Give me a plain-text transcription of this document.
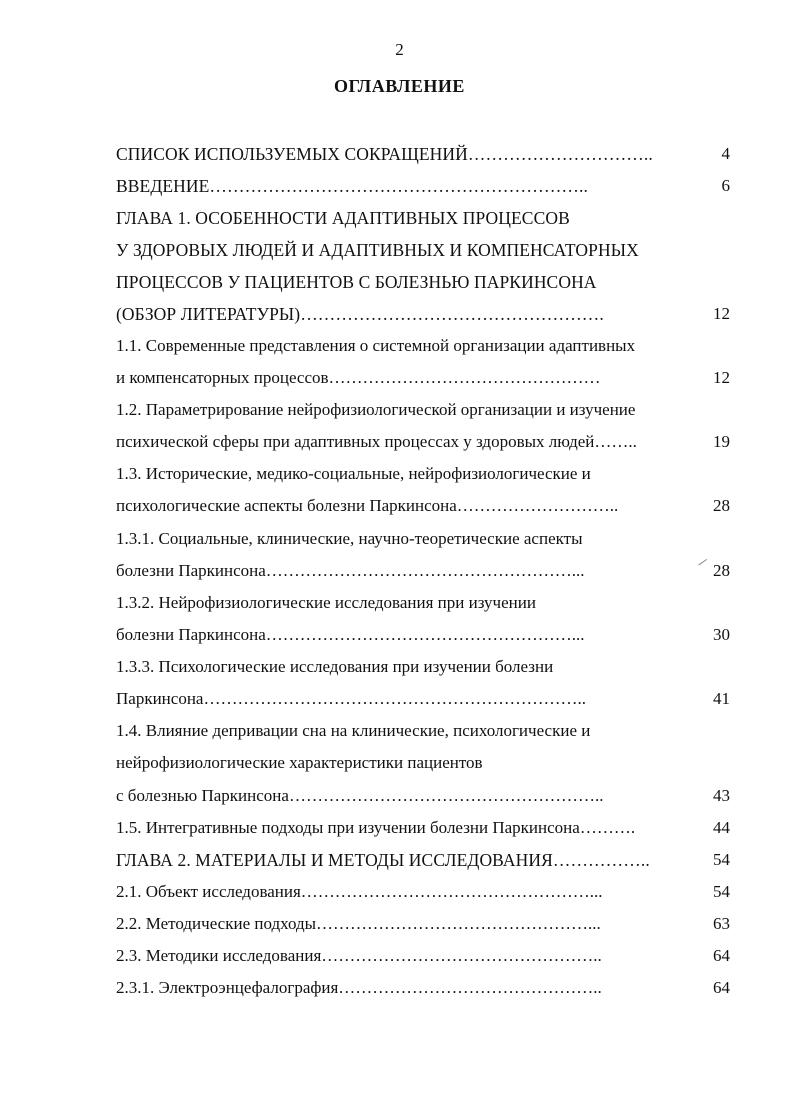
2
ОГЛАВЛЕНИЕ
СПИСОК ИСПОЛЬЗУЕМЫХ СОКРАЩЕНИЙ…………………………..	4
ВВЕДЕНИЕ………………………………………………………..	6
ГЛАВА 1. ОСОБЕННОСТИ АДАПТИВНЫХ ПРОЦЕССОВ
У ЗДОРОВЫХ ЛЮДЕЙ И АДАПТИВНЫХ И КОМПЕНСАТОРНЫХ
ПРОЦЕССОВ У ПАЦИЕНТОВ С БОЛЕЗНЬЮ ПАРКИНСОНА
(ОБЗОР ЛИТЕРАТУРЫ)…………………………………………….	12
1.1. Современные представления о системной организации адаптивных
и компенсаторных процессов…………………………………………	12
1.2. Параметрирование нейрофизиологической организации и изучение
психической сферы при адаптивных процессах у здоровых людей……..	19
1.3. Исторические, медико-социальные, нейрофизиологические и
психологические аспекты болезни Паркинсона………………………..	28
1.3.1. Социальные, клинические, научно-теоретические аспекты
болезни Паркинсона………………………………………………...	28
1.3.2. Нейрофизиологические исследования при изучении
болезни Паркинсона………………………………………………...	30
1.3.3. Психологические исследования при изучении болезни
Паркинсона…………………………………………………………..	41
1.4. Влияние депривации сна на клинические, психологические и
нейрофизиологические характеристики пациентов
с болезнью Паркинсона………………………………………………..	43
1.5. Интегративные подходы при изучении болезни Паркинсона……….	44
ГЛАВА 2. МАТЕРИАЛЫ И МЕТОДЫ ИССЛЕДОВАНИЯ……………..	54
2.1. Объект исследования……………………………………………...	54
2.2. Методические подходы…………………………………………...	63
2.3. Методики исследования…………………………………………..	64
2.3.1. Электроэнцефалография………………………………………..	64
